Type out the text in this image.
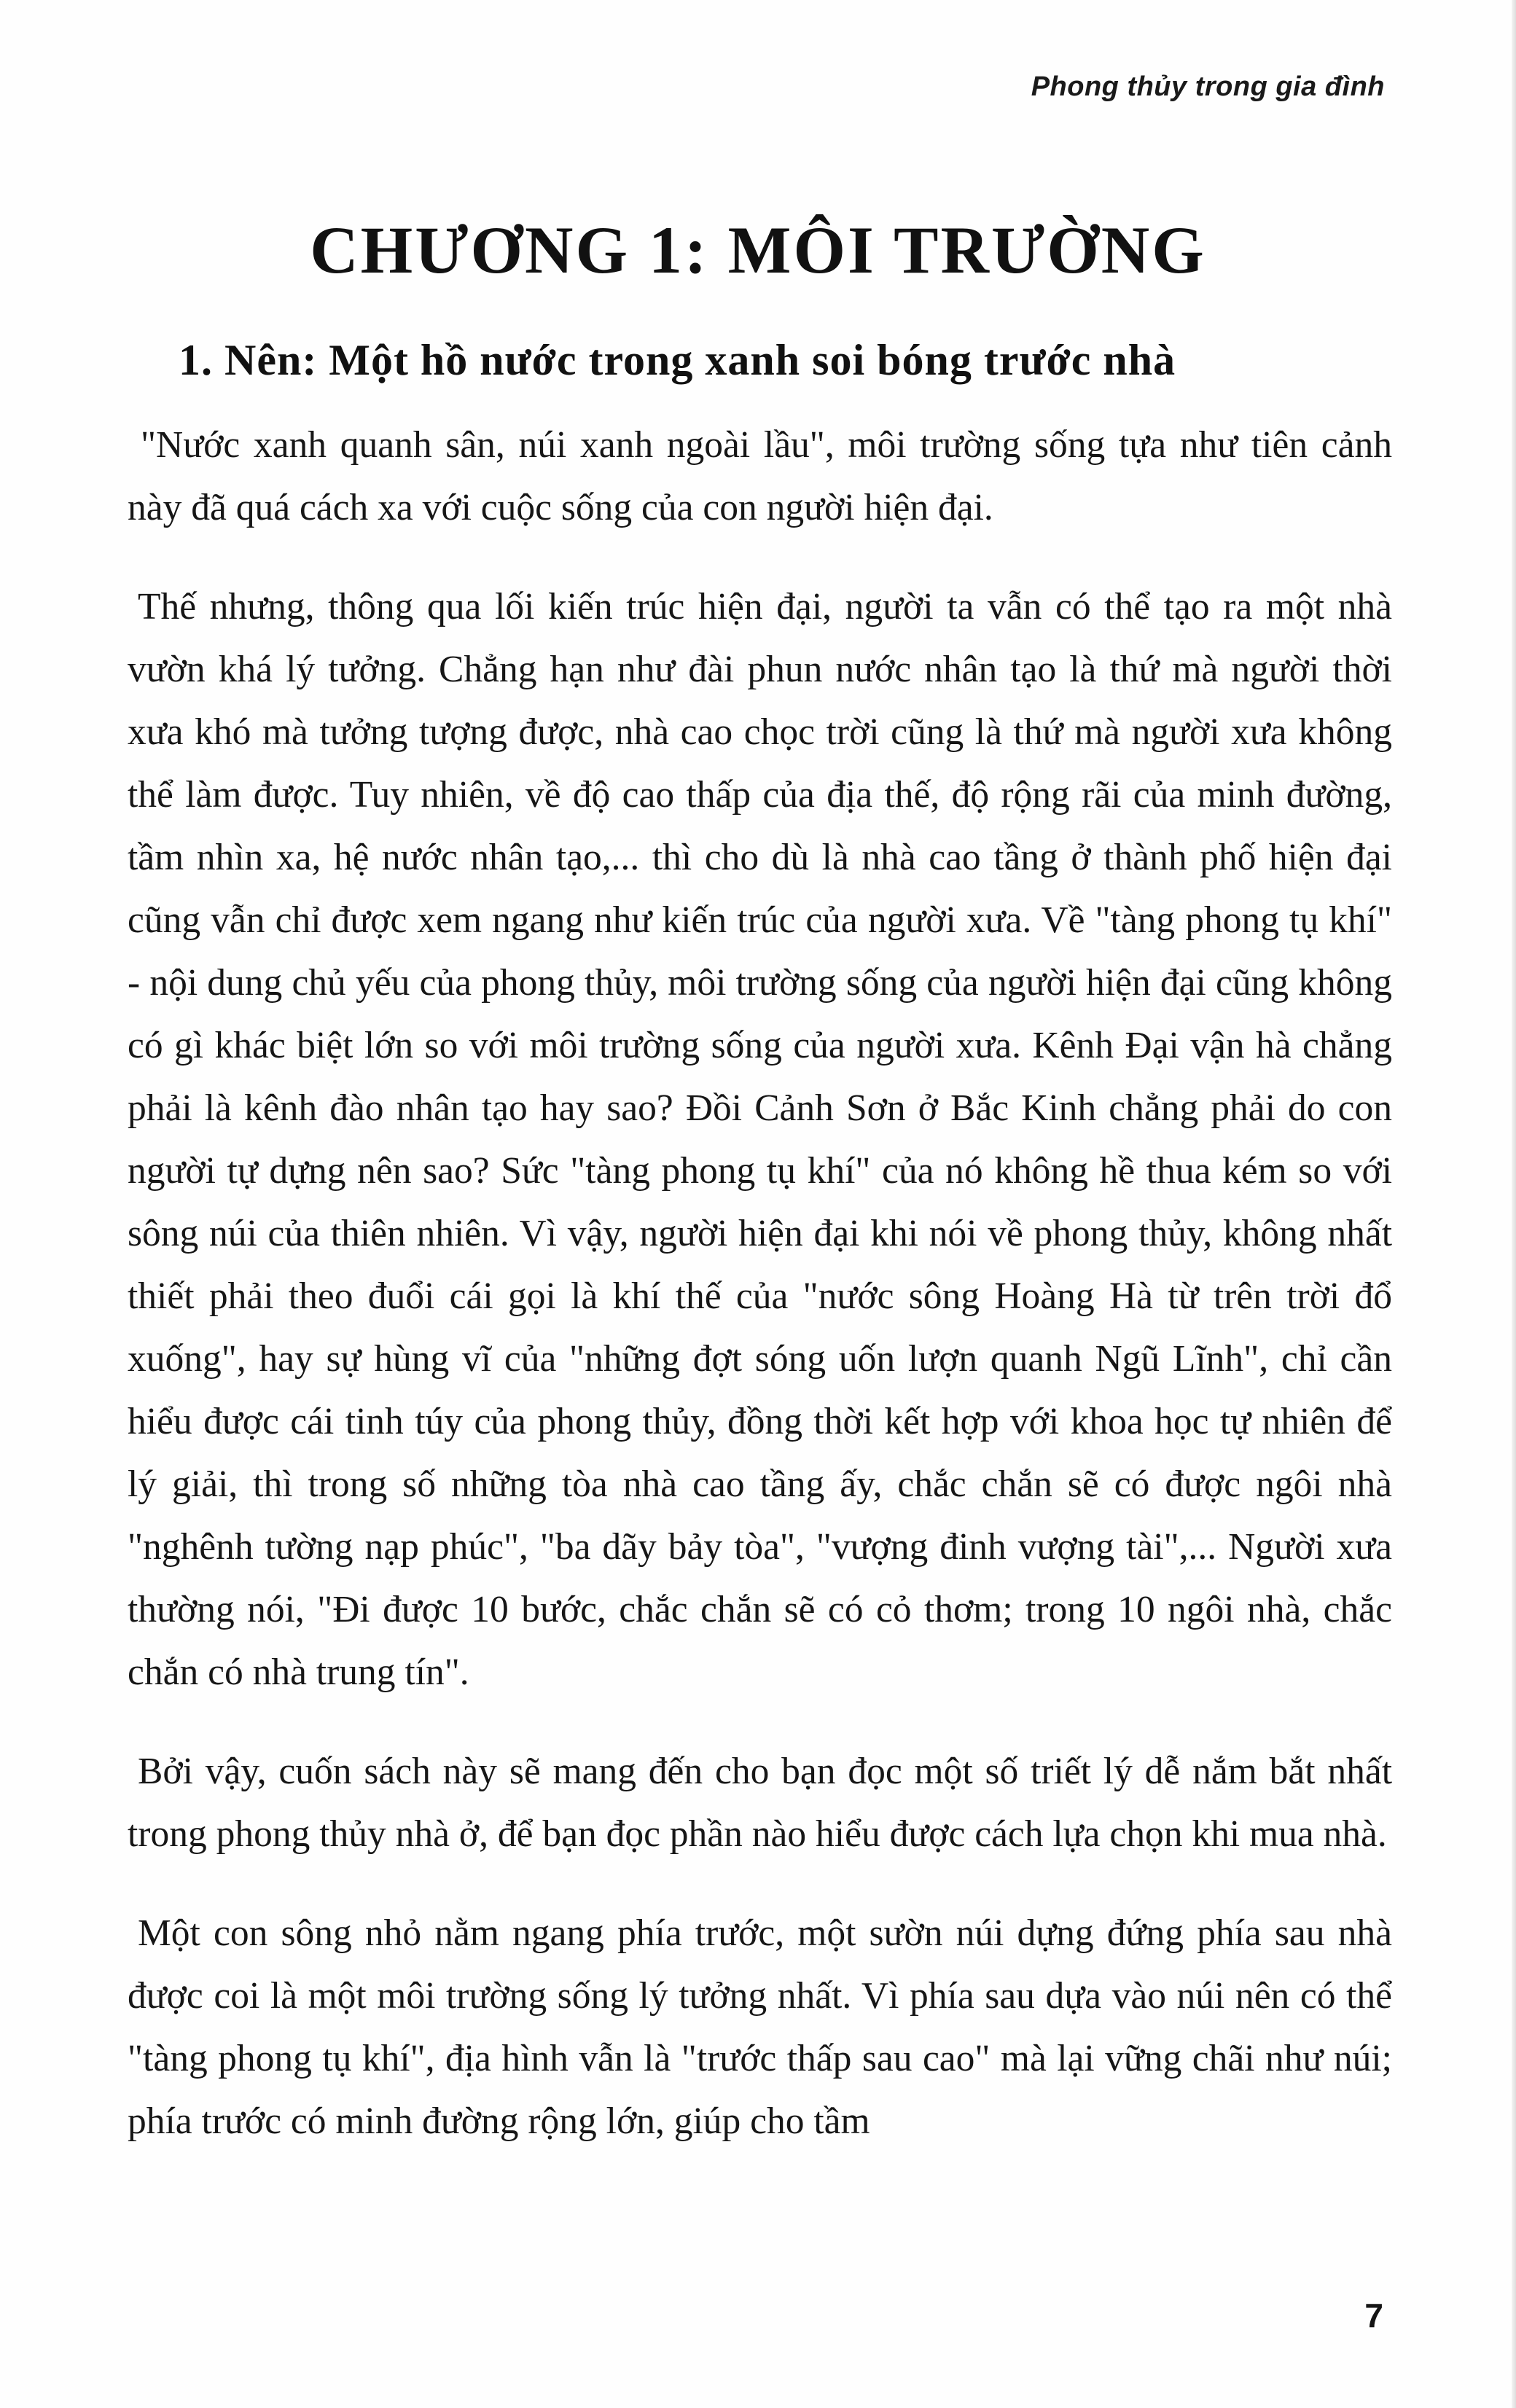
Phong thủy trong gia đình
CHƯƠNG 1: MÔI TRƯỜNG
1. Nên: Một hồ nước trong xanh soi bóng trước nhà

"Nước xanh quanh sân, núi xanh ngoài lầu", môi trường sống tựa như tiên cảnh này đã quá cách xa với cuộc sống của con người hiện đại.

Thế nhưng, thông qua lối kiến trúc hiện đại, người ta vẫn có thể tạo ra một nhà vườn khá lý tưởng. Chẳng hạn như đài phun nước nhân tạo là thứ mà người thời xưa khó mà tưởng tượng được, nhà cao chọc trời cũng là thứ mà người xưa không thể làm được. Tuy nhiên, về độ cao thấp của địa thế, độ rộng rãi của minh đường, tầm nhìn xa, hệ nước nhân tạo,... thì cho dù là nhà cao tầng ở thành phố hiện đại cũng vẫn chỉ được xem ngang như kiến trúc của người xưa. Về "tàng phong tụ khí" - nội dung chủ yếu của phong thủy, môi trường sống của người hiện đại cũng không có gì khác biệt lớn so với môi trường sống của người xưa. Kênh Đại vận hà chẳng phải là kênh đào nhân tạo hay sao? Đồi Cảnh Sơn ở Bắc Kinh chẳng phải do con người tự dựng nên sao? Sức "tàng phong tụ khí" của nó không hề thua kém so với sông núi của thiên nhiên. Vì vậy, người hiện đại khi nói về phong thủy, không nhất thiết phải theo đuổi cái gọi là khí thế của "nước sông Hoàng Hà từ trên trời đổ xuống", hay sự hùng vĩ của "những đợt sóng uốn lượn quanh Ngũ Lĩnh", chỉ cần hiểu được cái tinh túy của phong thủy, đồng thời kết hợp với khoa học tự nhiên để lý giải, thì trong số những tòa nhà cao tầng ấy, chắc chắn sẽ có được ngôi nhà "nghênh tường nạp phúc", "ba dãy bảy tòa", "vượng đinh vượng tài",... Người xưa thường nói, "Đi được 10 bước, chắc chắn sẽ có cỏ thơm; trong 10 ngôi nhà, chắc chắn có nhà trung tín".

Bởi vậy, cuốn sách này sẽ mang đến cho bạn đọc một số triết lý dễ nắm bắt nhất trong phong thủy nhà ở, để bạn đọc phần nào hiểu được cách lựa chọn khi mua nhà.

Một con sông nhỏ nằm ngang phía trước, một sườn núi dựng đứng phía sau nhà được coi là một môi trường sống lý tưởng nhất. Vì phía sau dựa vào núi nên có thể "tàng phong tụ khí", địa hình vẫn là "trước thấp sau cao" mà lại vững chãi như núi; phía trước có minh đường rộng lớn, giúp cho tầm

7
